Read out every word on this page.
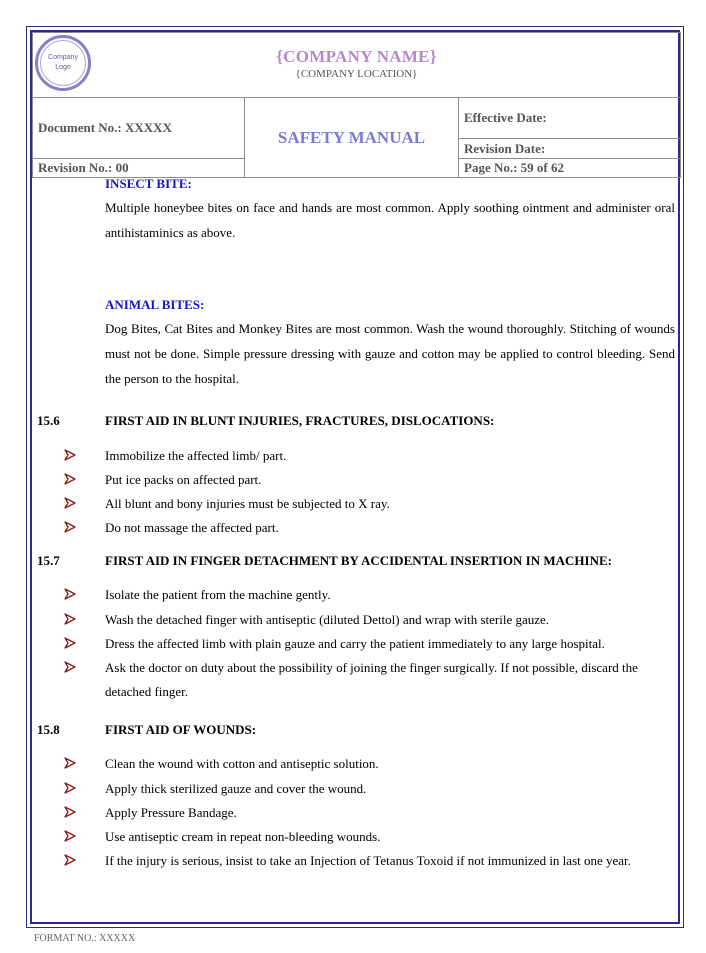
Company
Logo
{COMPANY NAME}
{COMPANY LOCATION}		

Document No.: XXXXX	SAFETY MANUAL	Effective Date:
		Revision Date:
Revision No.: 00		Page No.: 59 of 62
INSECT BITE:
Multiple honeybee bites on face and hands are most common. Apply soothing ointment and administer oral antihistaminics as above.
ANIMAL BITES:
Dog Bites, Cat Bites and Monkey Bites are most common. Wash the wound thoroughly. Stitching of wounds must not be done. Simple pressure dressing with gauze and cotton may be applied to control bleeding. Send the person to the hospital.
15.6	FIRST AID IN BLUNT INJURIES, FRACTURES, DISLOCATIONS:
Immobilize the affected limb/ part.
Put ice packs on affected part.
All blunt and bony injuries must be subjected to X ray.
Do not massage the affected part.
15.7	FIRST AID IN FINGER DETACHMENT BY ACCIDENTAL INSERTION IN MACHINE:
Isolate the patient from the machine gently.
Wash the detached finger with antiseptic (diluted Dettol) and wrap with sterile gauze.
Dress the affected limb with plain gauze and carry the patient immediately to any large hospital.
Ask the doctor on duty about the possibility of joining the finger surgically. If not possible, discard the detached finger.
15.8	FIRST AID OF WOUNDS:
Clean the wound with cotton and antiseptic solution.
Apply thick sterilized gauze and cover the wound.
Apply Pressure Bandage.
Use antiseptic cream in repeat non-bleeding wounds.
If the injury is serious, insist to take an Injection of Tetanus Toxoid if not immunized in last one year.
FORMAT NO.: XXXXX
